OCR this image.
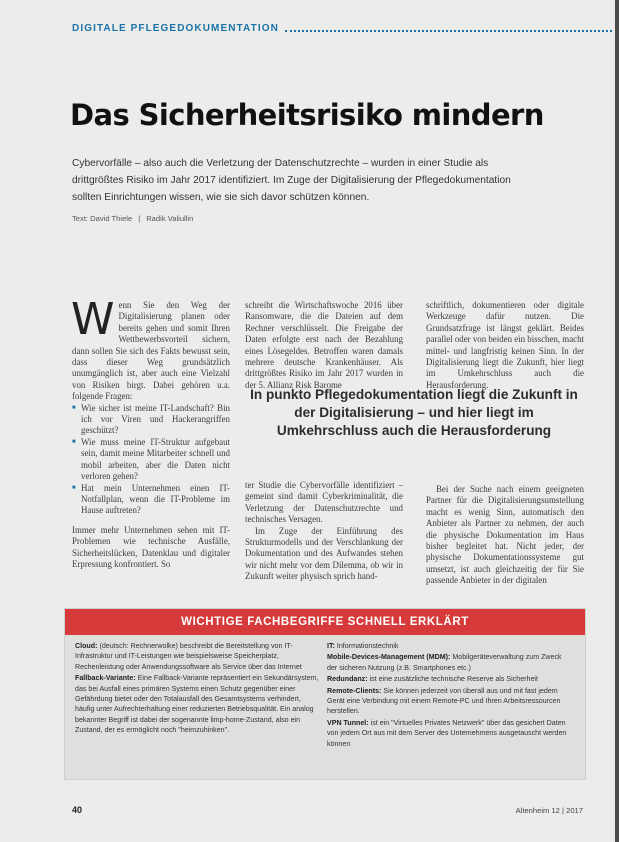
DIGITALE PFLEGEDOKUMENTATION
Das Sicherheitsrisiko mindern

Cybervorfälle – also auch die Verletzung der Datenschutzrechte – wurden in einer Studie als drittgrößtes Risiko im Jahr 2017 identifiziert. Im Zuge der Digitalisierung der Pflegedokumentation sollten Einrichtungen wissen, wie sie sich davor schützen können.

Text: David Thiele | Radik Valiullin

Wenn Sie den Weg der Digitalisierung planen oder bereits gehen und somit Ihren Wettbewerbsvorteil sichern, dann sollen Sie sich des Fakts bewusst sein, dass dieser Weg grundsätzlich unumgänglich ist, aber auch eine Vielzahl von Risiken birgt. Dabei gehören u.a. folgende Fragen:

■ Wie sicher ist meine IT-Landschaft? Bin ich vor Viren und Hackerangriffen geschützt?
■ Wie muss meine IT-Struktur aufgebaut sein, damit meine Mitarbeiter schnell und mobil arbeiten, aber die Daten nicht verloren gehen?
■ Hat mein Unternehmen einen IT-Notfallplan, wenn die IT-Probleme im Hause auftreten?

Immer mehr Unternehmen sehen mit IT-Problemen wie technische Ausfälle, Sicherheitslücken, Datenklau und digitaler Erpressung konfrontiert. So

schreibt die Wirtschaftswoche 2016 über Ransomware, die die Dateien auf dem Rechner verschlüsselt. Die Freigabe der Daten erfolgte erst nach der Bezahlung eines Lösegeldes. Betroffen waren damals mehrere deutsche Krankenhäuser. Als drittgrößtes Risiko im Jahr 2017 wurden in der 5. Allianz Risk Barome

schriftlich, dokumentieren oder digitale Werkzeuge dafür nutzen. Die Grundsatzfrage ist längst geklärt. Beides parallel oder von beiden ein bisschen, macht mittel- und langfristig keinen Sinn. In der Digitalisierung liegt die Zukunft, hier liegt im Umkehrschluss auch die Herausforderung.

In punkto Pflegedokumentation liegt die Zukunft in der Digitalisierung – und hier liegt im Umkehrschluss auch die Herausforderung

ter Studie die Cybervorfälle identifiziert – gemeint sind damit Cyberkriminalität, die Verletzung der Datenschutzrechte und technisches Versagen.

Im Zuge der Einführung des Strukturmodells und der Verschlankung der Dokumentation und des Aufwandes stehen wir nicht mehr vor dem Dilemma, ob wir in Zukunft weiter physisch sprich hand-

Bei der Suche nach einem geeigneten Partner für die Digitalisierungsumstellung macht es wenig Sinn, automatisch den Anbieter als Partner zu nehmen, der auch die physische Dokumentation im Haus bisher begleitet hat. Nicht jeder, der physische Dokumentationssysteme gut umsetzt, ist auch gleichzeitig der für Sie passende Anbieter in der digitalen

WICHTIGE FACHBEGRIFFE SCHNELL ERKLÄRT

Cloud: (deutsch: Rechnerwolke) beschreibt die Bereitstellung von IT-Infrastruktur und IT-Leistungen wie beispielsweise Speicherplatz, Rechenleistung oder Anwendungssoftware als Service über das Internet

Fallback-Variante: Eine Fallback-Variante repräsentiert ein Sekundärsystem, das bei Ausfall eines primären Systems einen Schutz gegenüber einer Gefährdung bietet oder den Totalausfall des Gesamtsystems verhindert, häufig unter Aufrechterhaltung einer reduzierten Betriebsqualität. Ein analog bekannter Begriff ist dabei der sogenannte limp-home-Zustand, also ein Zustand, der es ermöglicht noch "heimzuhinken".

IT: Informationstechnik

Mobile-Devices-Management (MDM): Mobilgeräteverwaltung zum Zweck der sicheren Nutzung (z.B. Smartphones etc.)

Redundanz: ist eine zusätzliche technische Reserve als Sicherheit

Remote-Clients: Sie können jederzeit von überall aus und mit fast jedem Gerät eine Verbindung mit einem Remote-PC und Ihren Arbeitsressourcen herstellen.

VPN Tunnel: ist ein "Virtuelles Privates Netzwerk" über das gesichert Daten von jedem Ort aus mit dem Server des Unternehmens ausgetauscht werden können

40	Altenheim 12 | 2017
